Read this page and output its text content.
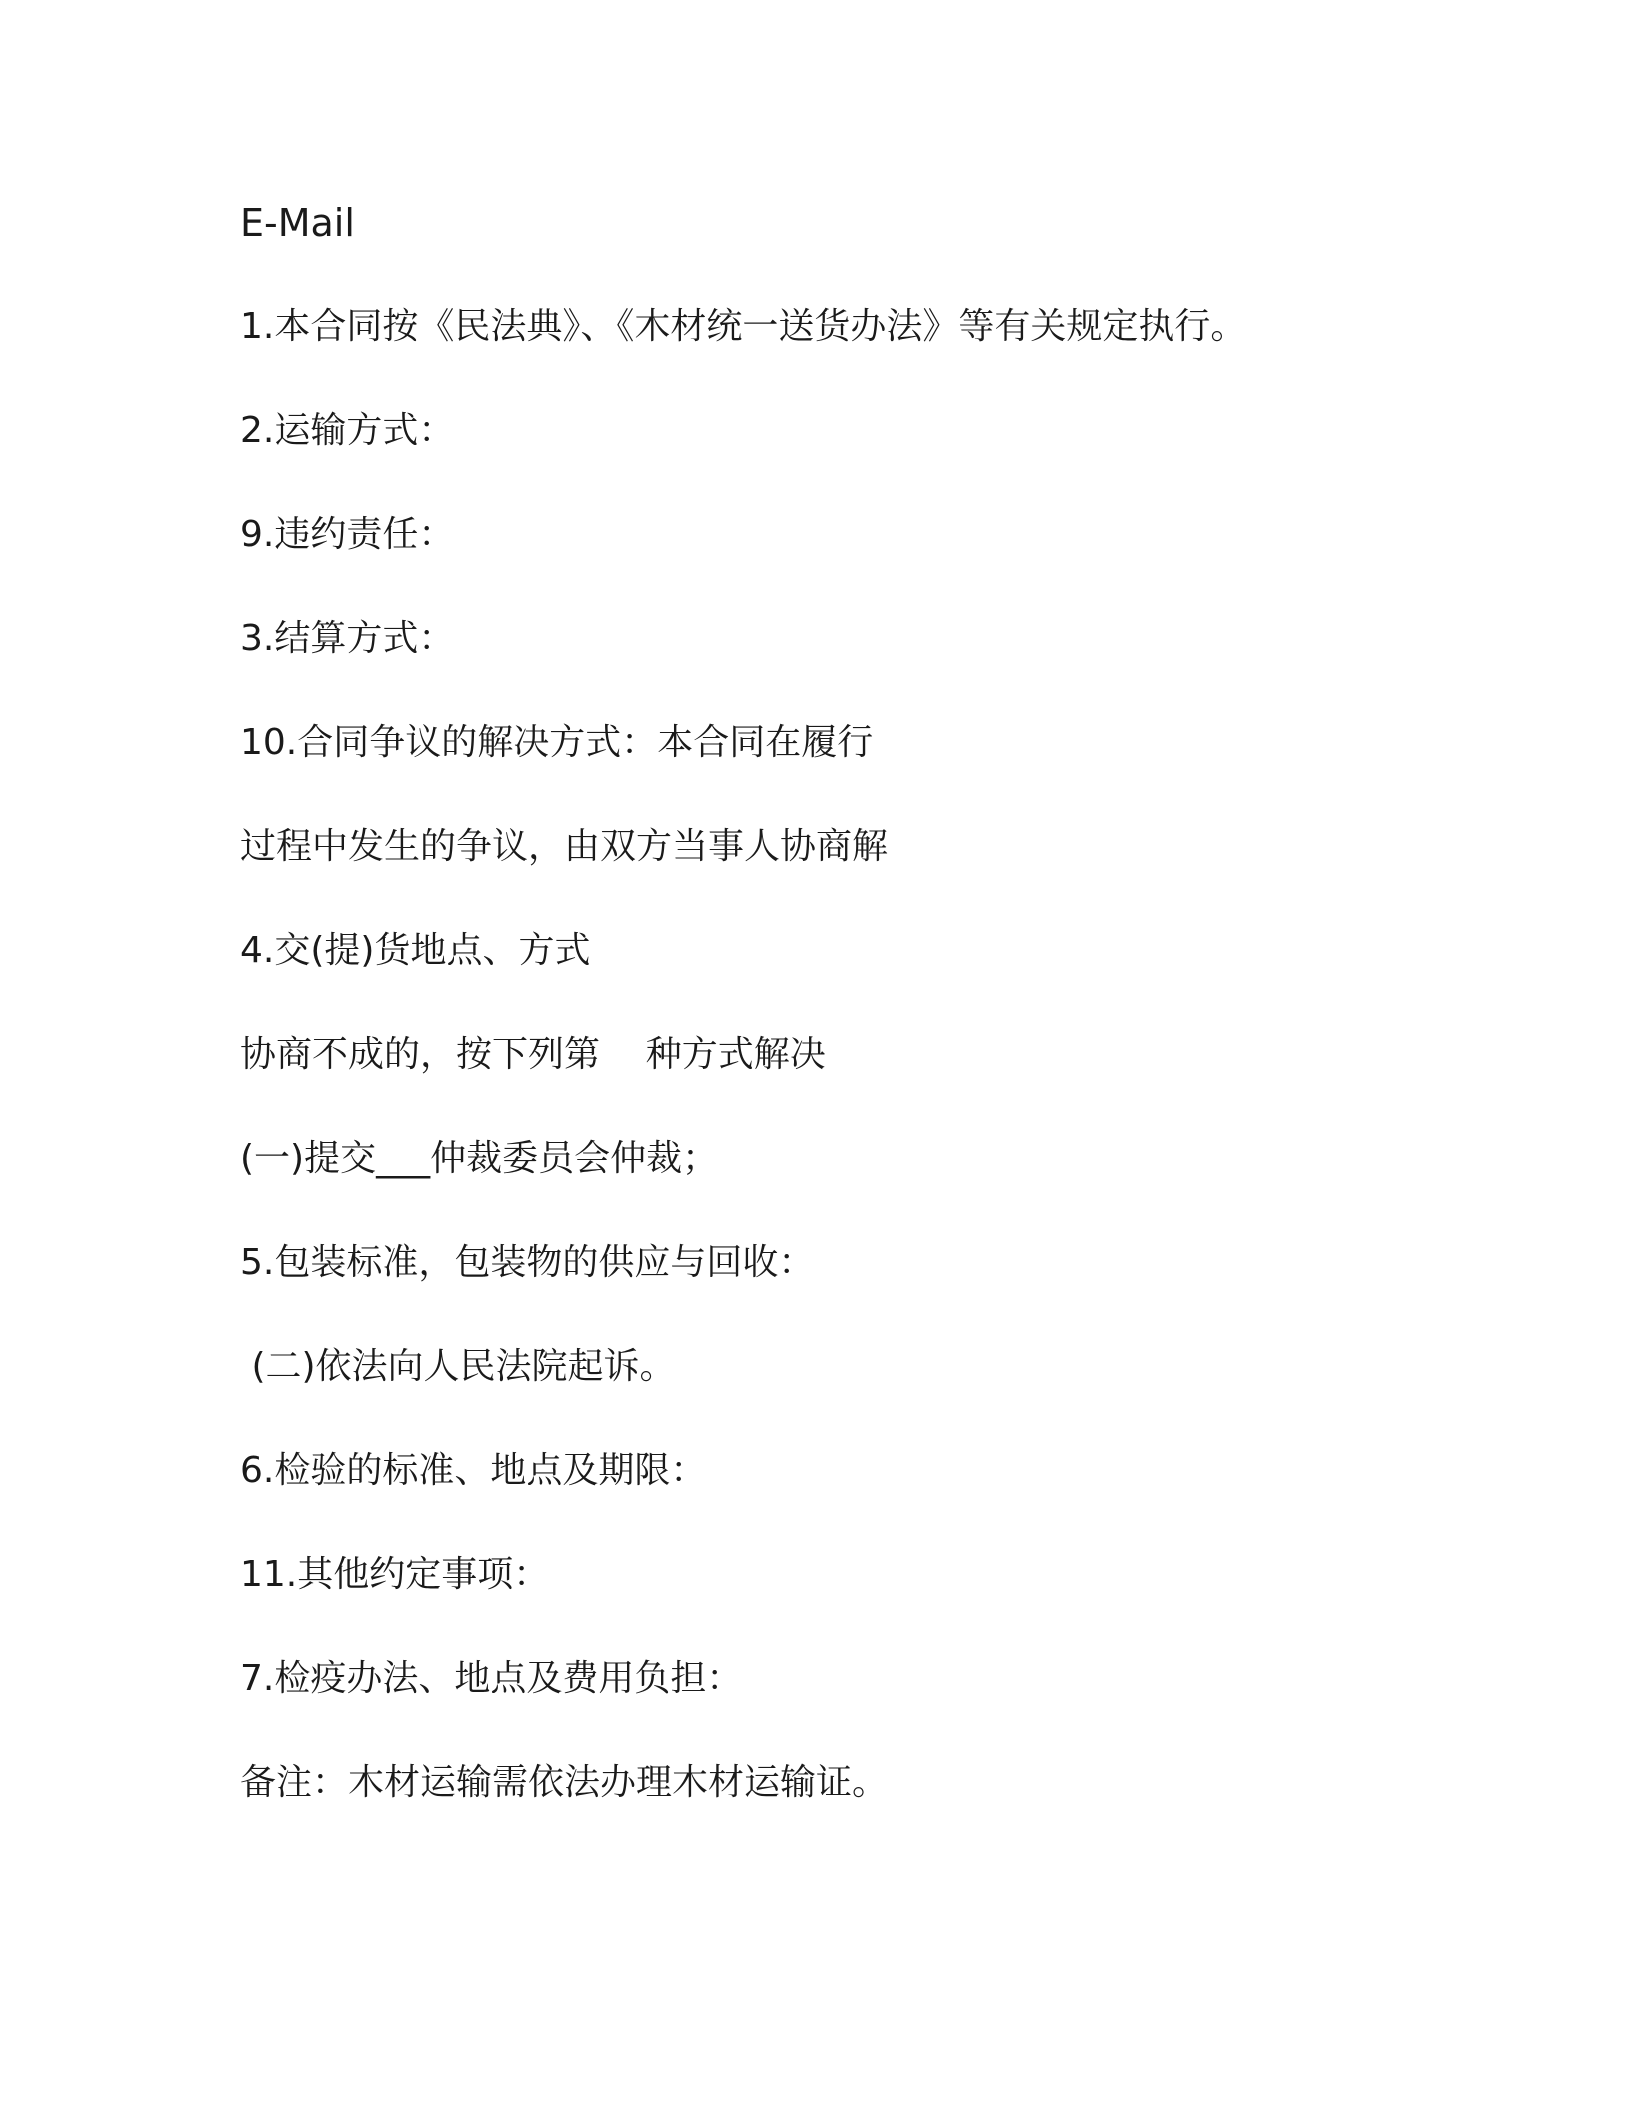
E-Mail
1.本合同按《民法典》、《木材统一送货办法》等有关规定执行。
2.运输方式：
9.违约责任：
3.结算方式：
10.合同争议的解决方式：本合同在履行
过程中发生的争议，由双方当事人协商解
4.交(提)货地点、方式
协商不成的，按下列第    种方式解决
(一)提交___仲裁委员会仲裁；
5.包装标准，包装物的供应与回收：
(二)依法向人民法院起诉。
6.检验的标准、地点及期限：
11.其他约定事项：
7.检疫办法、地点及费用负担：
备注：木材运输需依法办理木材运输证。
